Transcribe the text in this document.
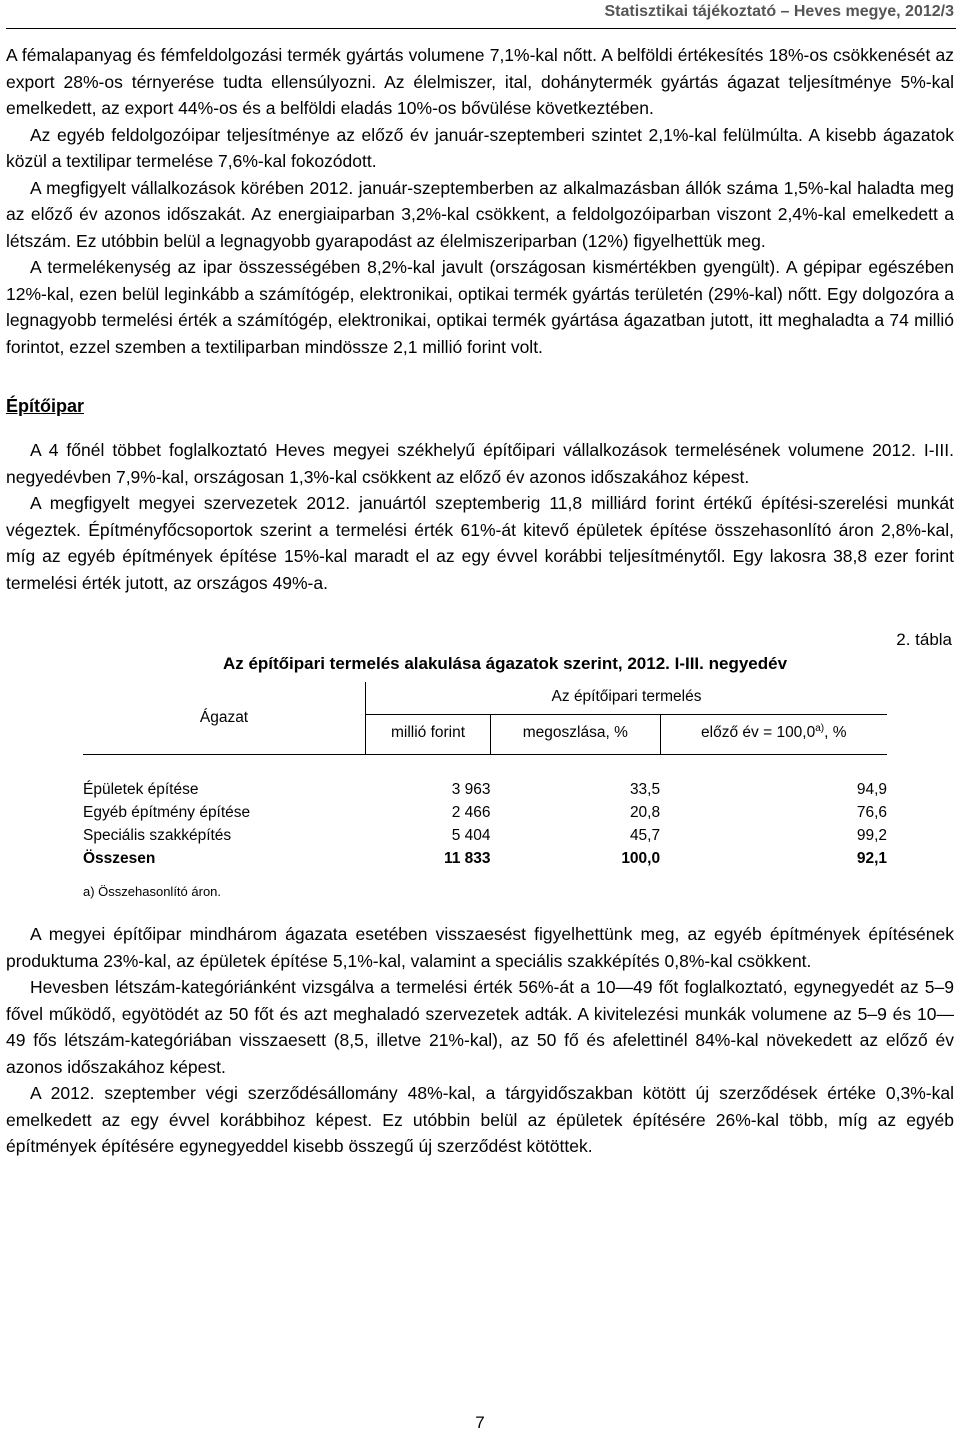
Statisztikai tájékoztató – Heves megye, 2012/3

A fémalapanyag és fémfeldolgozási termék gyártás volumene 7,1%-kal nőtt. A belföldi értékesítés 18%-os csökkenését az export 28%-os térnyerése tudta ellensúlyozni. Az élelmiszer, ital, dohánytermék gyártás ágazat teljesítménye 5%-kal emelkedett, az export 44%-os és a belföldi eladás 10%-os bővülése következtében.

Az egyéb feldolgozóipar teljesítménye az előző év január-szeptemberi szintet 2,1%-kal felülmúlta. A kisebb ágazatok közül a textilipar termelése 7,6%-kal fokozódott.

A megfigyelt vállalkozások körében 2012. január-szeptemberben az alkalmazásban állók száma 1,5%-kal haladta meg az előző év azonos időszakát. Az energiaiparban 3,2%-kal csökkent, a feldolgozóiparban viszont 2,4%-kal emelkedett a létszám. Ez utóbbin belül a legnagyobb gyarapodást az élelmiszeriparban (12%) figyelhettük meg.

A termelékenység az ipar összességében 8,2%-kal javult (országosan kismértékben gyengült). A gépipar egészében 12%-kal, ezen belül leginkább a számítógép, elektronikai, optikai termék gyártás területén (29%-kal) nőtt. Egy dolgozóra a legnagyobb termelési érték a számítógép, elektronikai, optikai termék gyártása ágazatban jutott, itt meghaladta a 74 millió forintot, ezzel szemben a textiliparban mindössze 2,1 millió forint volt.

Építőipar

A 4 főnél többet foglalkoztató Heves megyei székhelyű építőipari vállalkozások termelésének volumene 2012. I-III. negyedévben 7,9%-kal, országosan 1,3%-kal csökkent az előző év azonos időszakához képest.

A megfigyelt megyei szervezetek 2012. januártól szeptemberig 11,8 milliárd forint értékű építési-szerelési munkát végeztek. Építményfőcsoportok szerint a termelési érték 61%-át kitevő épületek építése összehasonlító áron 2,8%-kal, míg az egyéb építmények építése 15%-kal maradt el az egy évvel korábbi teljesítménytől. Egy lakosra 38,8 ezer forint termelési érték jutott, az országos 49%-a.

2. tábla
Az építőipari termelés alakulása ágazatok szerint, 2012. I-III. negyedév
Ágazat	Az építőipari termelés		
	millió forint	megoszlása, %	előző év = $100,0^{a)}$, %

Épületek építése	3 963	33,5	94,9
Egyéb építmény építése	2 466	20,8	76,6
Speciális szakképítés	5 404	45,7	99,2
Összesen	11 833	100,0	92,1
a) Összehasonlító áron.

A megyei építőipar mindhárom ágazata esetében visszaesést figyelhettünk meg, az egyéb építmények építésének produktuma 23%-kal, az épületek építése 5,1%-kal, valamint a speciális szakképítés 0,8%-kal csökkent.

Hevesben létszám-kategóriánként vizsgálva a termelési érték 56%-át a 10—49 főt foglalkoztató, egynegyedét az 5–9 fővel működő, egyötödét az 50 főt és azt meghaladó szervezetek adták. A kivitelezési munkák volumene az 5–9 és 10—49 fős létszám-kategóriában visszaesett (8,5, illetve 21%-kal), az 50 fő és afelettinél 84%-kal növekedett az előző év azonos időszakához képest.

A 2012. szeptember végi szerződésállomány 48%-kal, a tárgyidőszakban kötött új szerződések értéke 0,3%-kal emelkedett az egy évvel korábbihoz képest. Ez utóbbin belül az épületek építésére 26%-kal több, míg az egyéb építmények építésére egynegyeddel kisebb összegű új szerződést kötöttek.

7
